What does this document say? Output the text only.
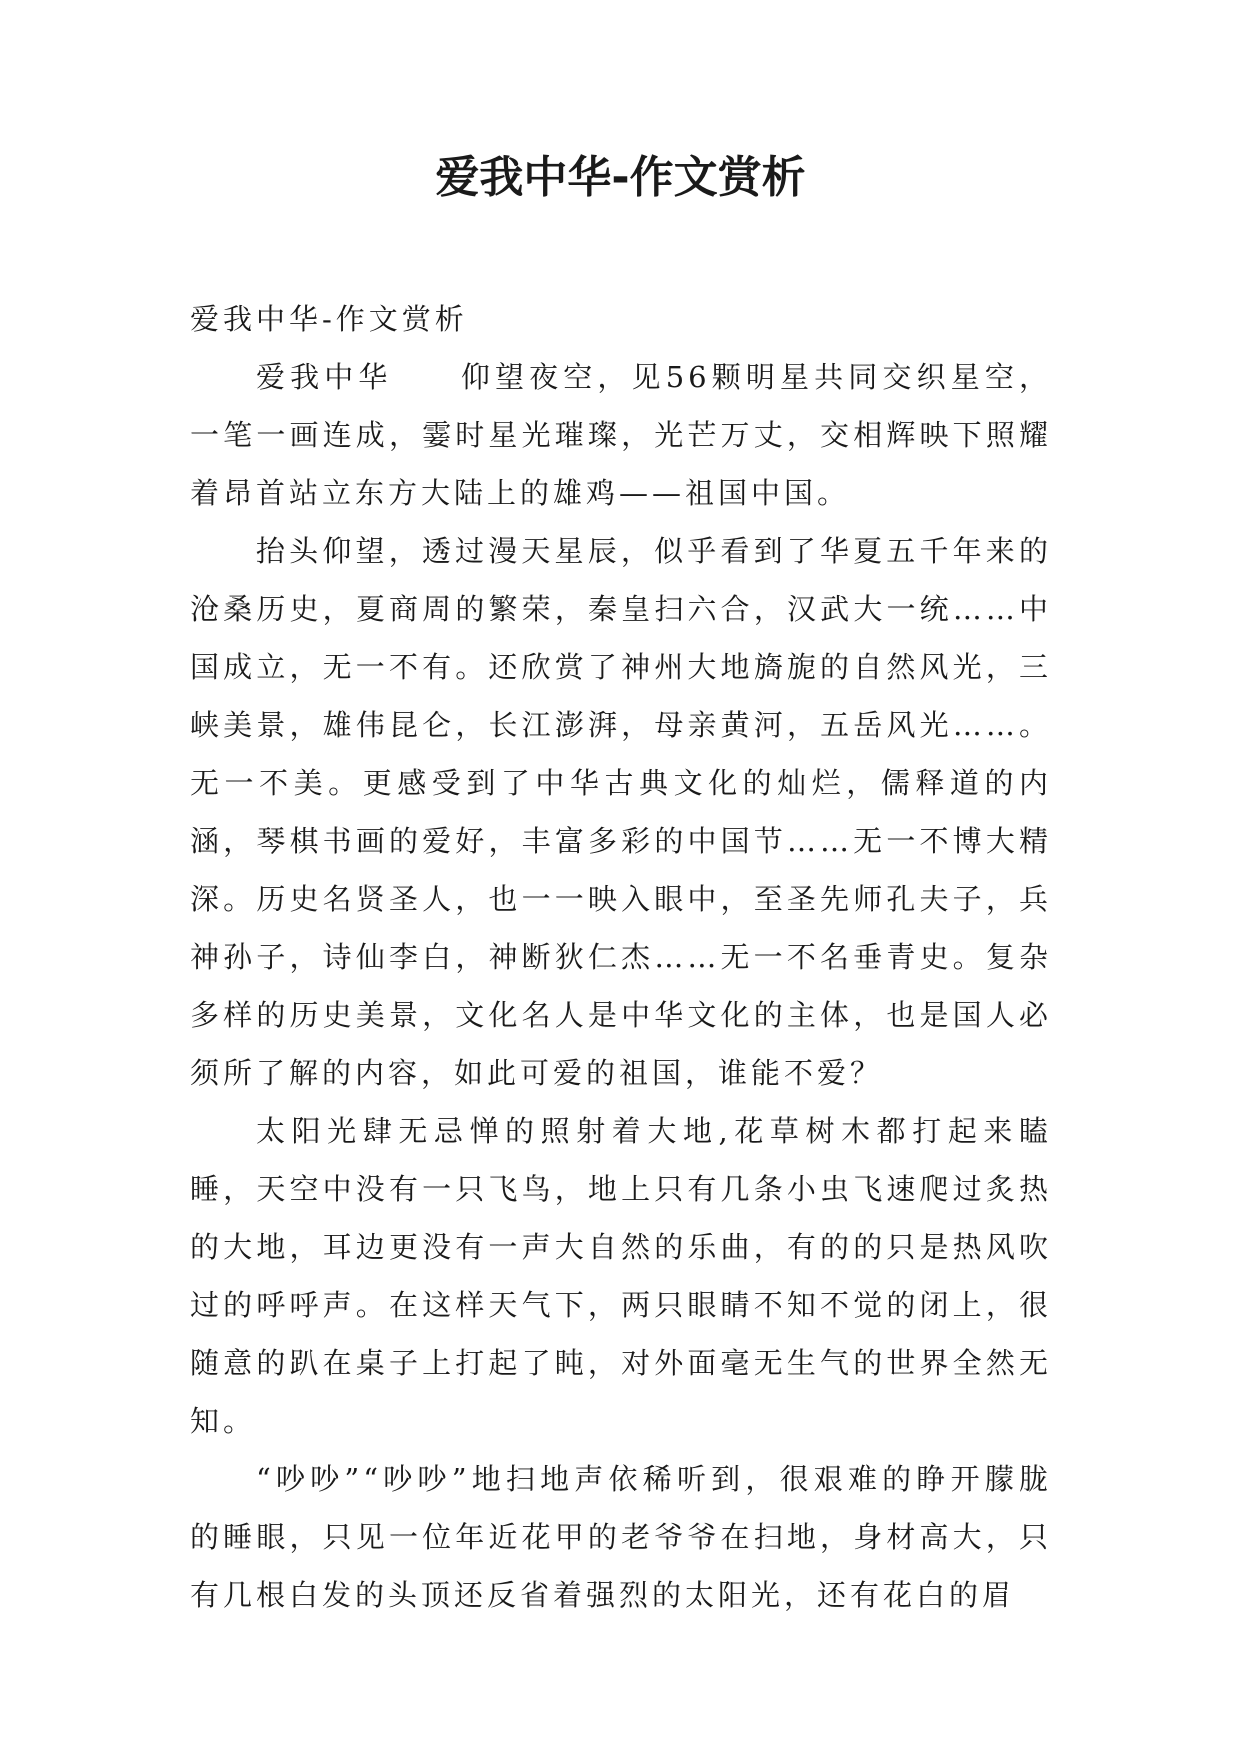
爱我中华-作文赏析

爱我中华-作文赏析

爱我中华　　仰望夜空，见56颗明星共同交织星空，一笔一画连成，霎时星光璀璨，光芒万丈，交相辉映下照耀着昂首站立东方大陆上的雄鸡——祖国中国。

抬头仰望，透过漫天星辰，似乎看到了华夏五千年来的沧桑历史，夏商周的繁荣，秦皇扫六合，汉武大一统……中国成立，无一不有。还欣赏了神州大地旖旎的自然风光，三峡美景，雄伟昆仑，长江澎湃，母亲黄河，五岳风光……。无一不美。更感受到了中华古典文化的灿烂，儒释道的内涵，琴棋书画的爱好，丰富多彩的中国节……无一不博大精深。历史名贤圣人，也一一映入眼中，至圣先师孔夫子，兵神孙子，诗仙李白，神断狄仁杰……无一不名垂青史。复杂多样的历史美景，文化名人是中华文化的主体，也是国人必须所了解的内容，如此可爱的祖国，谁能不爱？

太阳光肆无忌惮的照射着大地,花草树木都打起来瞌睡，天空中没有一只飞鸟，地上只有几条小虫飞速爬过炙热的大地，耳边更没有一声大自然的乐曲，有的的只是热风吹过的呼呼声。在这样天气下，两只眼睛不知不觉的闭上，很随意的趴在桌子上打起了盹，对外面毫无生气的世界全然无知。

“吵吵”“吵吵”地扫地声依稀听到，很艰难的睁开朦胧的睡眼，只见一位年近花甲的老爷爷在扫地，身材高大，只有几根白发的头顶还反省着强烈的太阳光，还有花白的眉
